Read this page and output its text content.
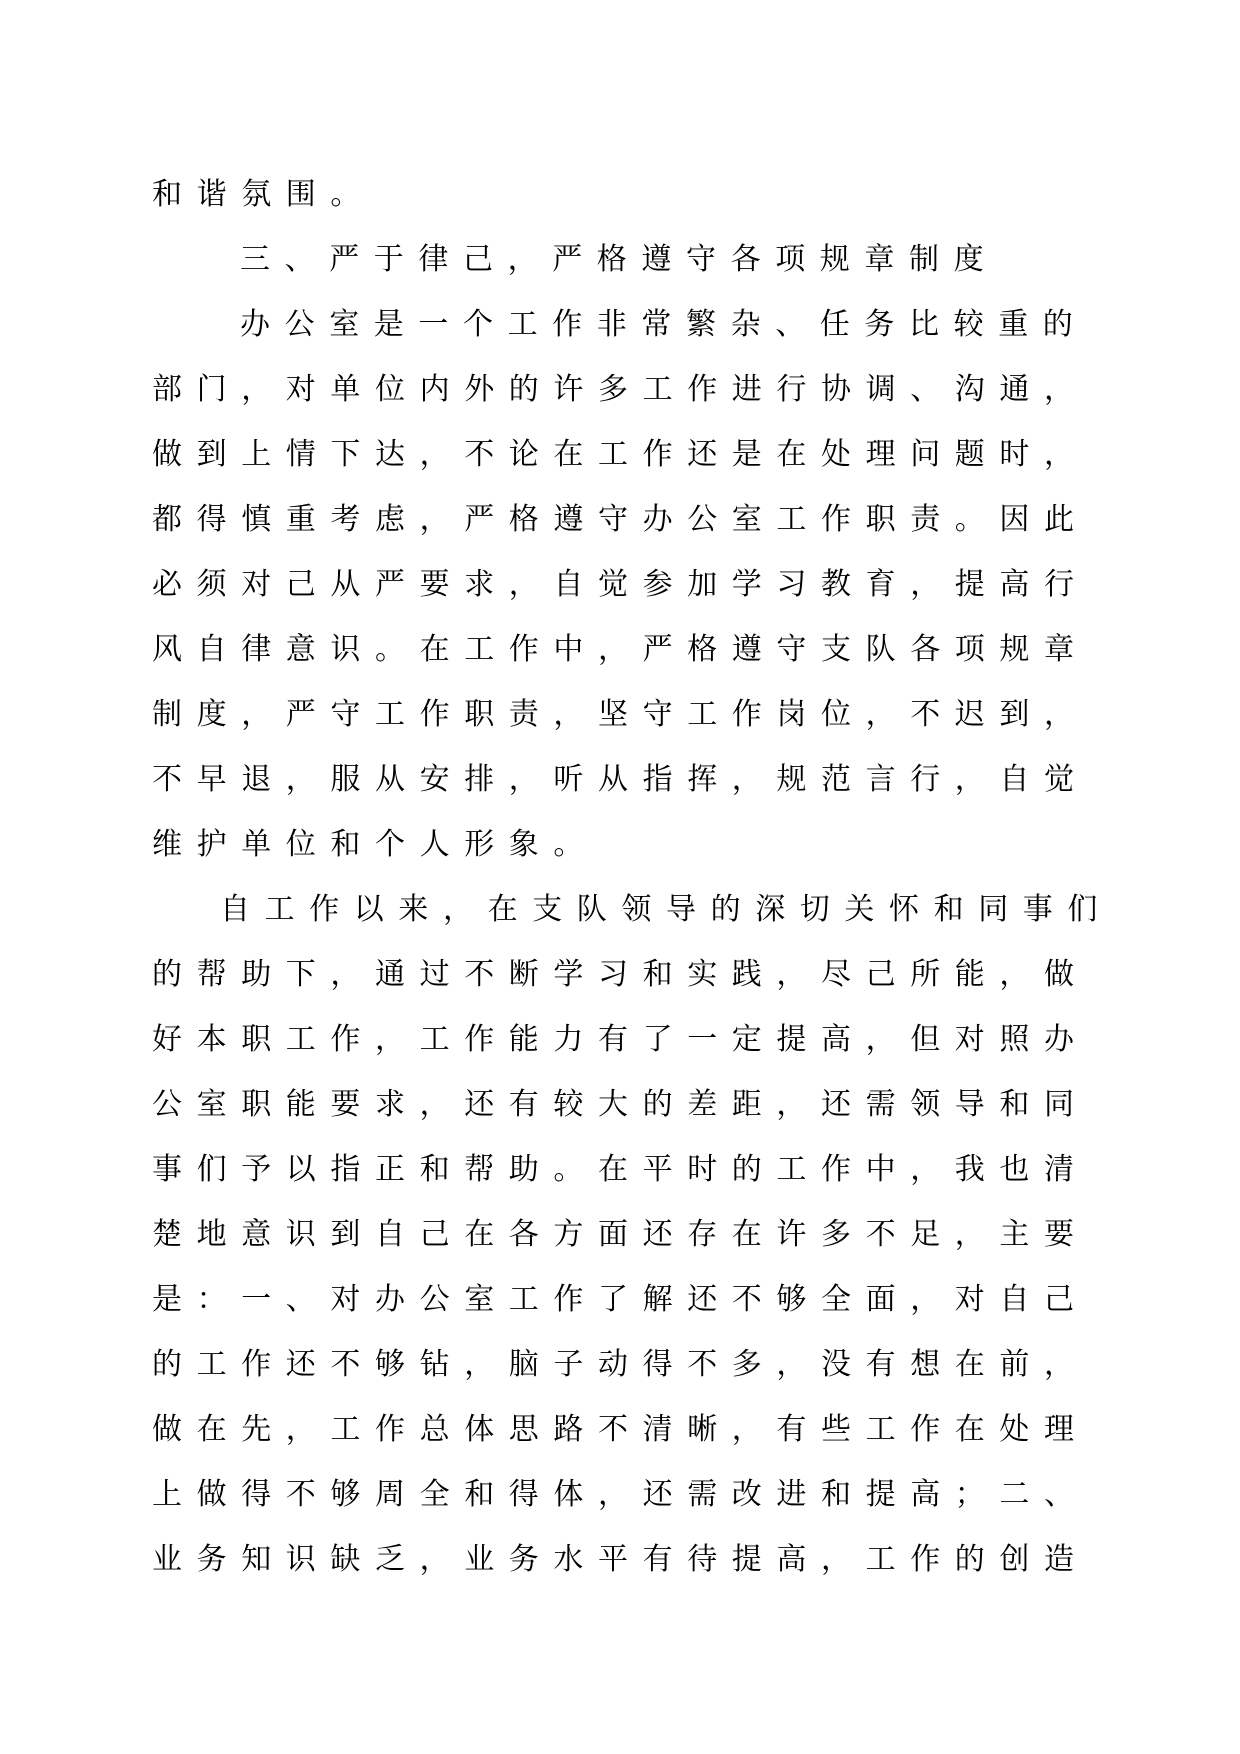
和谐氛围。
三、严于律己，严格遵守各项规章制度
办公室是一个工作非常繁杂、任务比较重的
部门，对单位内外的许多工作进行协调、沟通，
做到上情下达，不论在工作还是在处理问题时，
都得慎重考虑，严格遵守办公室工作职责。因此
必须对己从严要求，自觉参加学习教育，提高行
风自律意识。在工作中，严格遵守支队各项规章
制度，严守工作职责，坚守工作岗位，不迟到，
不早退，服从安排，听从指挥，规范言行，自觉
维护单位和个人形象。
自工作以来，在支队领导的深切关怀和同事们
的帮助下，通过不断学习和实践，尽己所能，做
好本职工作，工作能力有了一定提高，但对照办
公室职能要求，还有较大的差距，还需领导和同
事们予以指正和帮助。在平时的工作中，我也清
楚地意识到自己在各方面还存在许多不足，主要
是：一、对办公室工作了解还不够全面，对自己
的工作还不够钻，脑子动得不多，没有想在前，
做在先，工作总体思路不清晰，有些工作在处理
上做得不够周全和得体，还需改进和提高；二、
业务知识缺乏，业务水平有待提高，工作的创造
